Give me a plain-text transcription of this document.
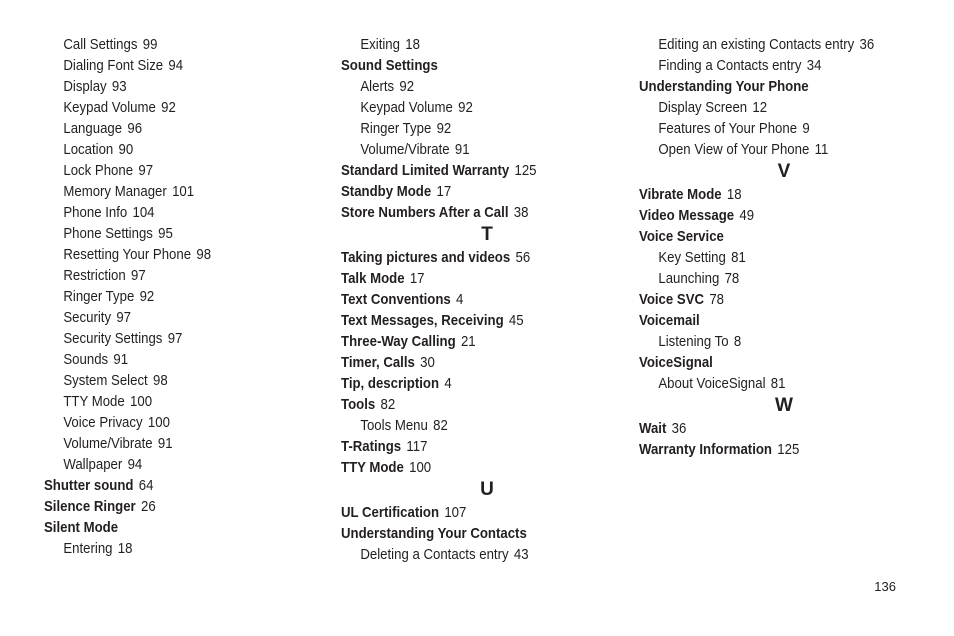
Call Settings 99
Dialing Font Size 94
Display 93
Keypad Volume 92
Language 96
Location 90
Lock Phone 97
Memory Manager 101
Phone Info 104
Phone Settings 95
Resetting Your Phone 98
Restriction 97
Ringer Type 92
Security 97
Security Settings 97
Sounds 91
System Select 98
TTY Mode 100
Voice Privacy 100
Volume/Vibrate 91
Wallpaper 94
Shutter sound 64
Silence Ringer 26
Silent Mode
Entering 18
Exiting 18
Sound Settings
Alerts 92
Keypad Volume 92
Ringer Type 92
Volume/Vibrate 91
Standard Limited Warranty 125
Standby Mode 17
Store Numbers After a Call 38
T
Taking pictures and videos 56
Talk Mode 17
Text Conventions 4
Text Messages, Receiving 45
Three-Way Calling 21
Timer, Calls 30
Tip, description 4
Tools 82
Tools Menu 82
T-Ratings 117
TTY Mode 100
U
UL Certification 107
Understanding Your Contacts
Deleting a Contacts entry 43
Editing an existing Contacts entry 36
Finding a Contacts entry 34
Understanding Your Phone
Display Screen 12
Features of Your Phone 9
Open View of Your Phone 11
V
Vibrate Mode 18
Video Message 49
Voice Service
Key Setting 81
Launching 78
Voice SVC 78
Voicemail
Listening To 8
VoiceSignal
About VoiceSignal 81
W
Wait 36
Warranty Information 125
136
